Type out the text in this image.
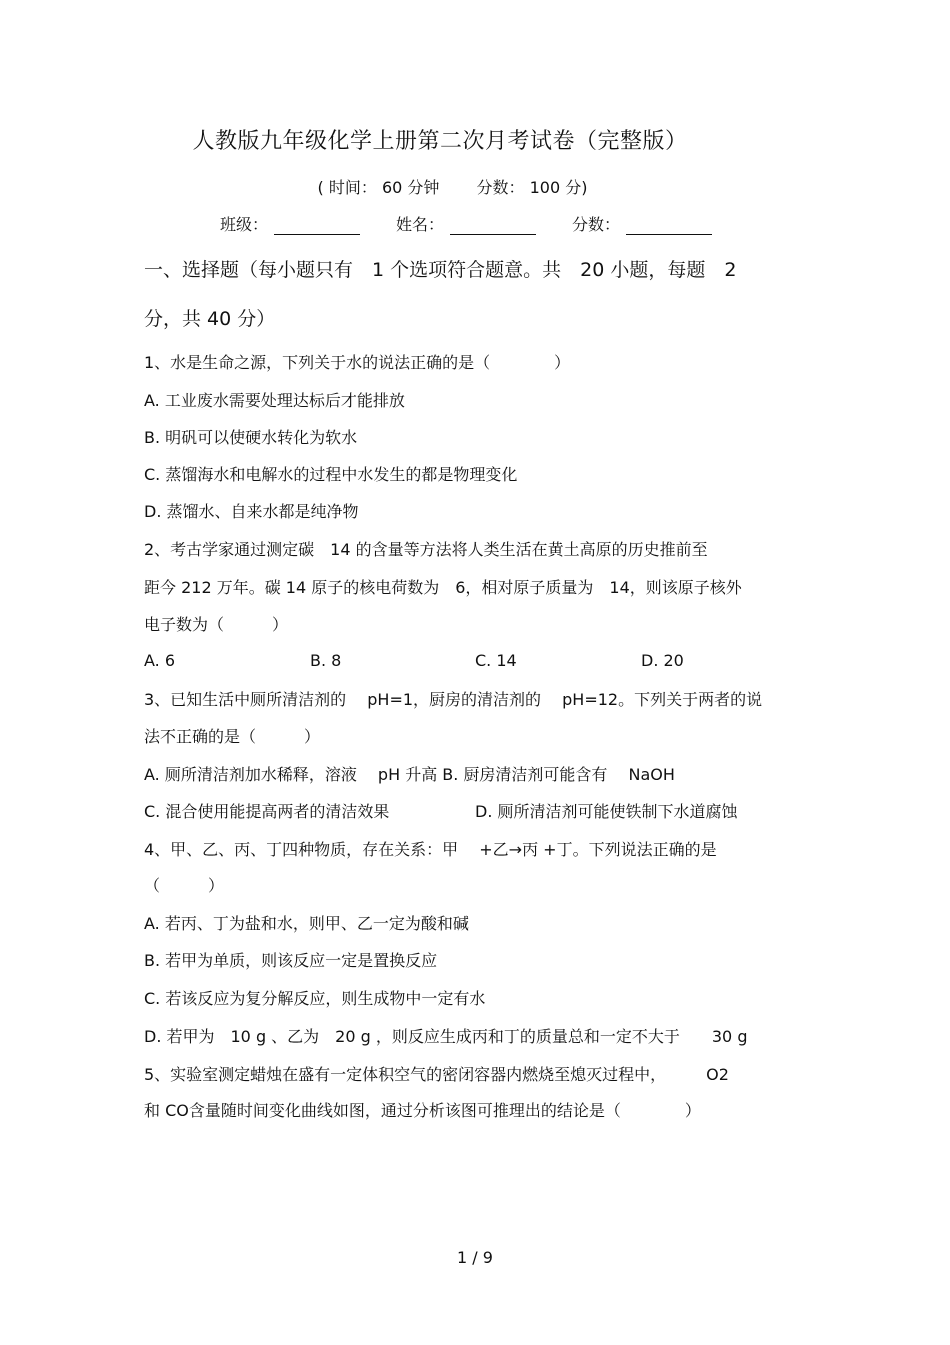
人教版九年级化学上册第二次月考试卷（完整版）
( 时间： 60 分钟 分数： 100 分)
班级：	姓名：	分数：
一、选择题（每小题只有　1 个选项符合题意。共　20 小题，每题　2
分，共 40 分）
1、水是生命之源，下列关于水的说法正确的是（　　　　）
A. 工业废水需要处理达标后才能排放
B. 明矾可以使硬水转化为软水
C. 蒸馏海水和电解水的过程中水发生的都是物理变化
D. 蒸馏水、自来水都是纯净物
2、考古学家通过测定碳　14 的含量等方法将人类生活在黄土高原的历史推前至
距今 212 万年。碳 14 原子的核电荷数为　6，相对原子质量为　14，则该原子核外
电子数为（　　　）
A. 6	B. 8	C. 14	D. 20
3、已知生活中厕所清洁剂的　 pH=1，厨房的清洁剂的　 pH=12。下列关于两者的说
法不正确的是（　　　）
A. 厕所清洁剂加水稀释，溶液　 pH 升高 B. 厨房清洁剂可能含有　 NaOH
C. 混合使用能提高两者的清洁效果	D. 厕所清洁剂可能使铁制下水道腐蚀
4、甲、乙、丙、丁四种物质，存在关系：甲　 +乙→丙 +丁。下列说法正确的是
（　　　）
A. 若丙、丁为盐和水，则甲、乙一定为酸和碱
B. 若甲为单质，则该反应一定是置换反应
C. 若该反应为复分解反应，则生成物中一定有水
D. 若甲为　10 g 、乙为　20 g ，则反应生成丙和丁的质量总和一定不大于　　30 g
5、实验室测定蜡烛在盛有一定体积空气的密闭容器内燃烧至熄灭过程中，　　　O2
和 CO含量随时间变化曲线如图，通过分析该图可推理出的结论是（　　　　）
1 / 9
